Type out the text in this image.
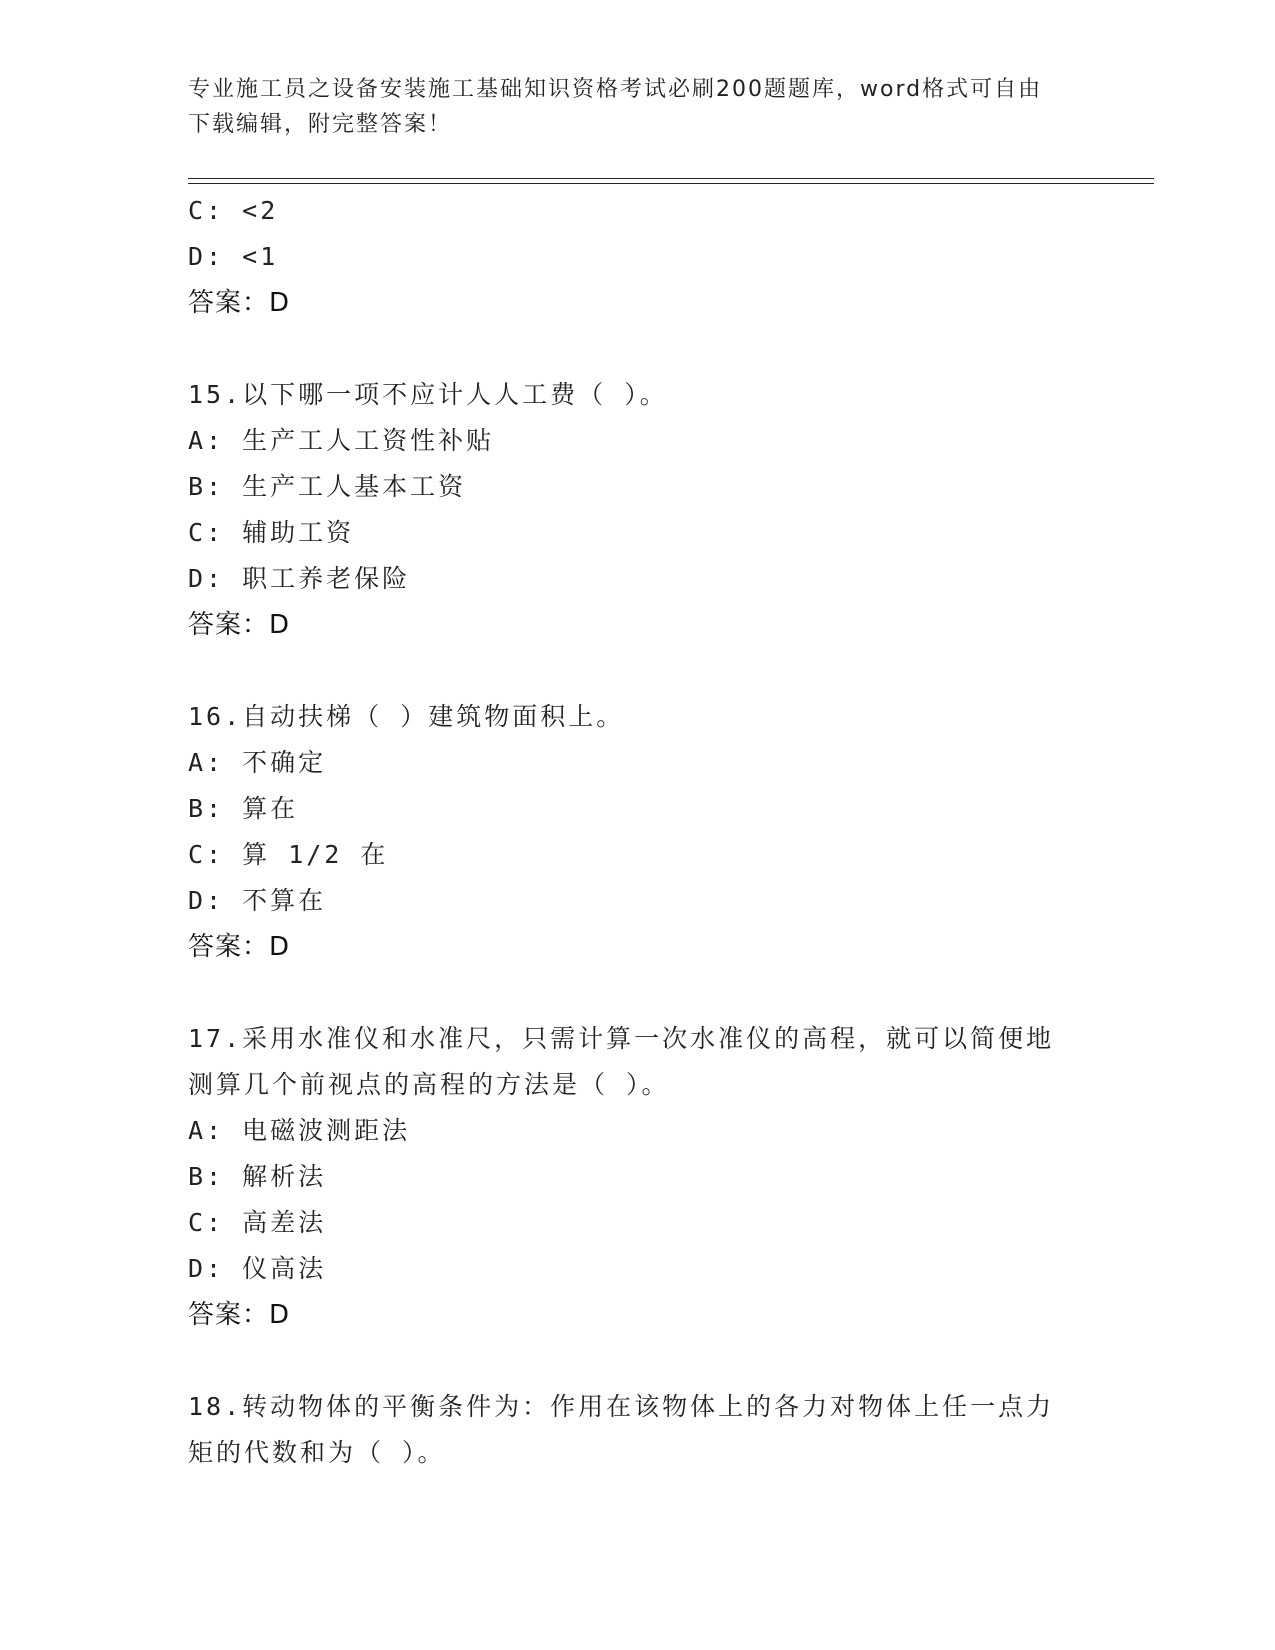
专业施工员之设备安装施工基础知识资格考试必刷200题题库，word格式可自由
下载编辑，附完整答案！
C: <2
D: <1
答案：D
15.以下哪一项不应计人人工费（ ）。
A: 生产工人工资性补贴
B: 生产工人基本工资
C: 辅助工资
D: 职工养老保险
答案：D
16.自动扶梯（ ）建筑物面积上。
A: 不确定
B: 算在
C: 算 1/2 在
D: 不算在
答案：D
17.采用水准仪和水准尺，只需计算一次水准仪的高程，就可以简便地
测算几个前视点的高程的方法是（ ）。
A: 电磁波测距法
B: 解析法
C: 高差法
D: 仪高法
答案：D
18.转动物体的平衡条件为：作用在该物体上的各力对物体上任一点力
矩的代数和为（ ）。
